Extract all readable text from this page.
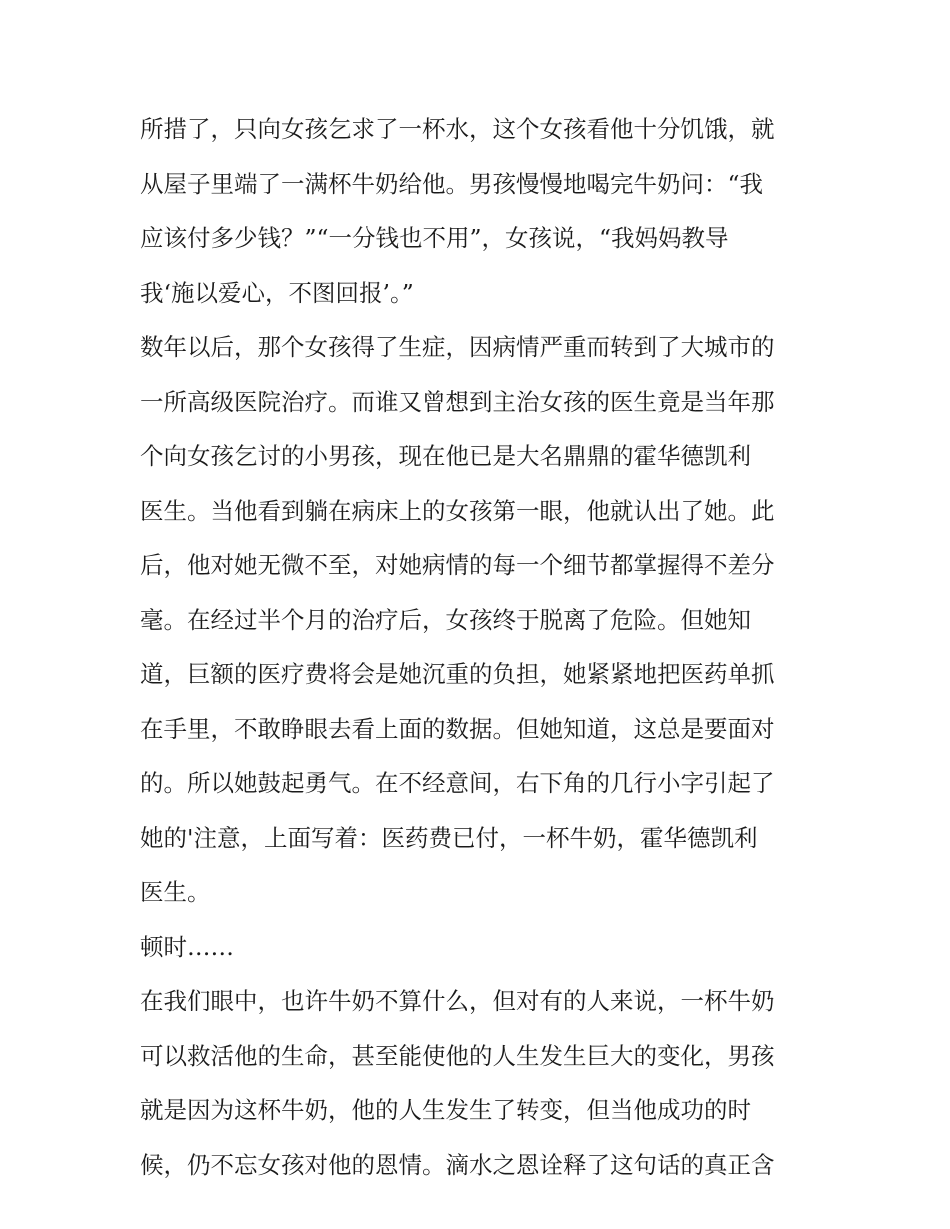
所措了，只向女孩乞求了一杯水，这个女孩看他十分饥饿，就
从屋子里端了一满杯牛奶给他。男孩慢慢地喝完牛奶问：“我
应该付多少钱？”“一分钱也不用”，女孩说，“我妈妈教导
我‘施以爱心，不图回报’。”
数年以后，那个女孩得了生症，因病情严重而转到了大城市的
一所高级医院治疗。而谁又曾想到主治女孩的医生竟是当年那
个向女孩乞讨的小男孩，现在他已是大名鼎鼎的霍华德凯利
医生。当他看到躺在病床上的女孩第一眼，他就认出了她。此
后，他对她无微不至，对她病情的每一个细节都掌握得不差分
毫。在经过半个月的治疗后，女孩终于脱离了危险。但她知
道，巨额的医疗费将会是她沉重的负担，她紧紧地把医药单抓
在手里，不敢睁眼去看上面的数据。但她知道，这总是要面对
的。所以她鼓起勇气。在不经意间，右下角的几行小字引起了
她的'注意，上面写着：医药费已付，一杯牛奶，霍华德凯利
医生。
顿时……
在我们眼中，也许牛奶不算什么，但对有的人来说，一杯牛奶
可以救活他的生命，甚至能使他的人生发生巨大的变化，男孩
就是因为这杯牛奶，他的人生发生了转变，但当他成功的时
候，仍不忘女孩对他的恩情。滴水之恩诠释了这句话的真正含
